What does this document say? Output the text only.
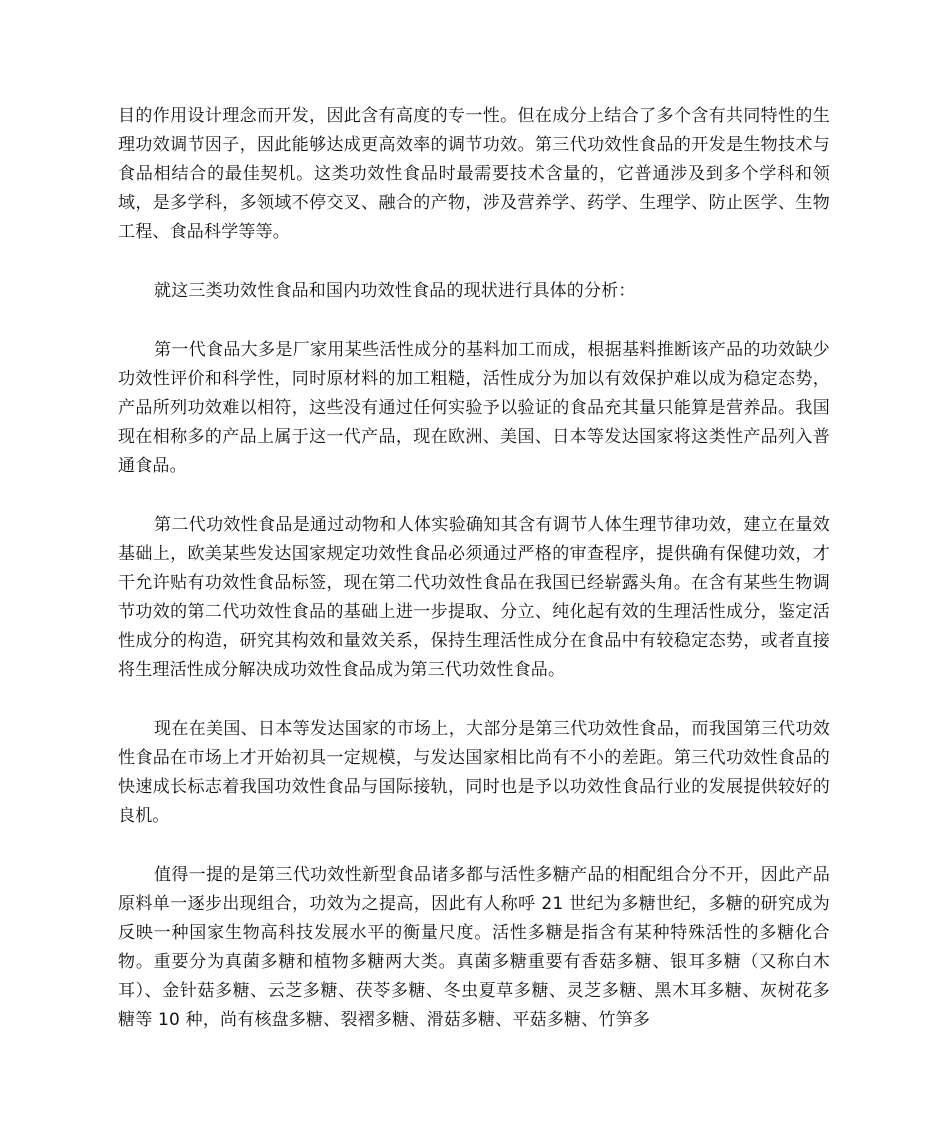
目的作用设计理念而开发，因此含有高度的专一性。但在成分上结合了多个含有共同特性的生理功效调节因子，因此能够达成更高效率的调节功效。第三代功效性食品的开发是生物技术与食品相结合的最佳契机。这类功效性食品时最需要技术含量的，它普通涉及到多个学科和领域，是多学科，多领域不停交叉、融合的产物，涉及营养学、药学、生理学、防止医学、生物工程、食品科学等等。

就这三类功效性食品和国内功效性食品的现状进行具体的分析：

第一代食品大多是厂家用某些活性成分的基料加工而成，根据基料推断该产品的功效缺少功效性评价和科学性，同时原材料的加工粗糙，活性成分为加以有效保护难以成为稳定态势，产品所列功效难以相符，这些没有通过任何实验予以验证的食品充其量只能算是营养品。我国现在相称多的产品上属于这一代产品，现在欧洲、美国、日本等发达国家将这类性产品列入普通食品。

第二代功效性食品是通过动物和人体实验确知其含有调节人体生理节律功效，建立在量效基础上，欧美某些发达国家规定功效性食品必须通过严格的审查程序，提供确有保健功效，才干允许贴有功效性食品标签，现在第二代功效性食品在我国已经崭露头角。在含有某些生物调节功效的第二代功效性食品的基础上进一步提取、分立、纯化起有效的生理活性成分，鉴定活性成分的构造，研究其构效和量效关系，保持生理活性成分在食品中有较稳定态势，或者直接将生理活性成分解决成功效性食品成为第三代功效性食品。

现在在美国、日本等发达国家的市场上，大部分是第三代功效性食品，而我国第三代功效性食品在市场上才开始初具一定规模，与发达国家相比尚有不小的差距。第三代功效性食品的快速成长标志着我国功效性食品与国际接轨，同时也是予以功效性食品行业的发展提供较好的良机。

值得一提的是第三代功效性新型食品诸多都与活性多糖产品的相配组合分不开，因此产品原料单一逐步出现组合，功效为之提高，因此有人称呼 21 世纪为多糖世纪，多糖的研究成为反映一种国家生物高科技发展水平的衡量尺度。活性多糖是指含有某种特殊活性的多糖化合物。重要分为真菌多糖和植物多糖两大类。真菌多糖重要有香菇多糖、银耳多糖（又称白木耳）、金针菇多糖、云芝多糖、茯苓多糖、冬虫夏草多糖、灵芝多糖、黑木耳多糖、灰树花多糖等 10 种，尚有核盘多糖、裂褶多糖、滑菇多糖、平菇多糖、竹笋多
